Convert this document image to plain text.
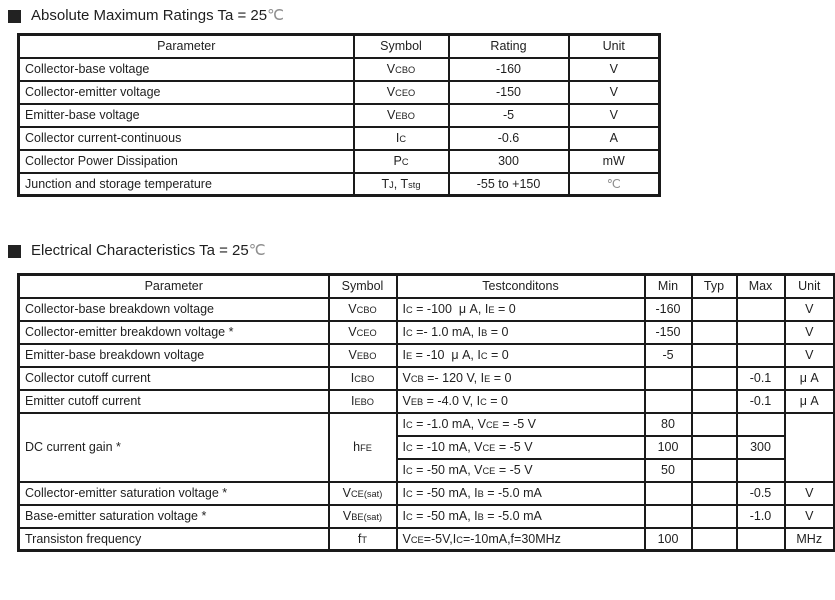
Absolute Maximum Ratings Ta = 25℃
Parameter	Symbol	Rating	Unit
Collector-base voltage	VCBO	-160	V
Collector-emitter voltage	VCEO	-150	V
Emitter-base voltage	VEBO	-5	V
Collector current-continuous	IC	-0.6	A
Collector Power Dissipation	PC	300	mW
Junction and storage temperature	TJ, Tstg	-55 to +150	℃
Electrical Characteristics Ta = 25℃
Parameter	Symbol	Testconditons	Min	Typ	Max	Unit
Collector-base breakdown voltage	VCBO	IC = -100  μ A, IE = 0	-160			V
Collector-emitter breakdown voltage *	VCEO	IC =- 1.0 mA, IB = 0	-150			V
Emitter-base breakdown voltage	VEBO	IE = -10  μ A, IC = 0	-5			V
Collector cutoff current	ICBO	VCB =- 120 V, IE = 0			-0.1	μ A
Emitter cutoff current	IEBO	VEB = -4.0 V, IC = 0			-0.1	μ A
DC current gain *	hFE	IC = -1.0 mA, VCE = -5 V	80			
		IC = -10 mA, VCE = -5 V	100		300	
		IC = -50 mA, VCE = -5 V	50			
Collector-emitter saturation voltage *	VCE(sat)	IC = -50 mA, IB = -5.0 mA			-0.5	V
Base-emitter saturation voltage *	VBE(sat)	IC = -50 mA, IB = -5.0 mA			-1.0	V
Transiston frequency	fT	VCE=-5V,IC=-10mA,f=30MHz	100			MHz
